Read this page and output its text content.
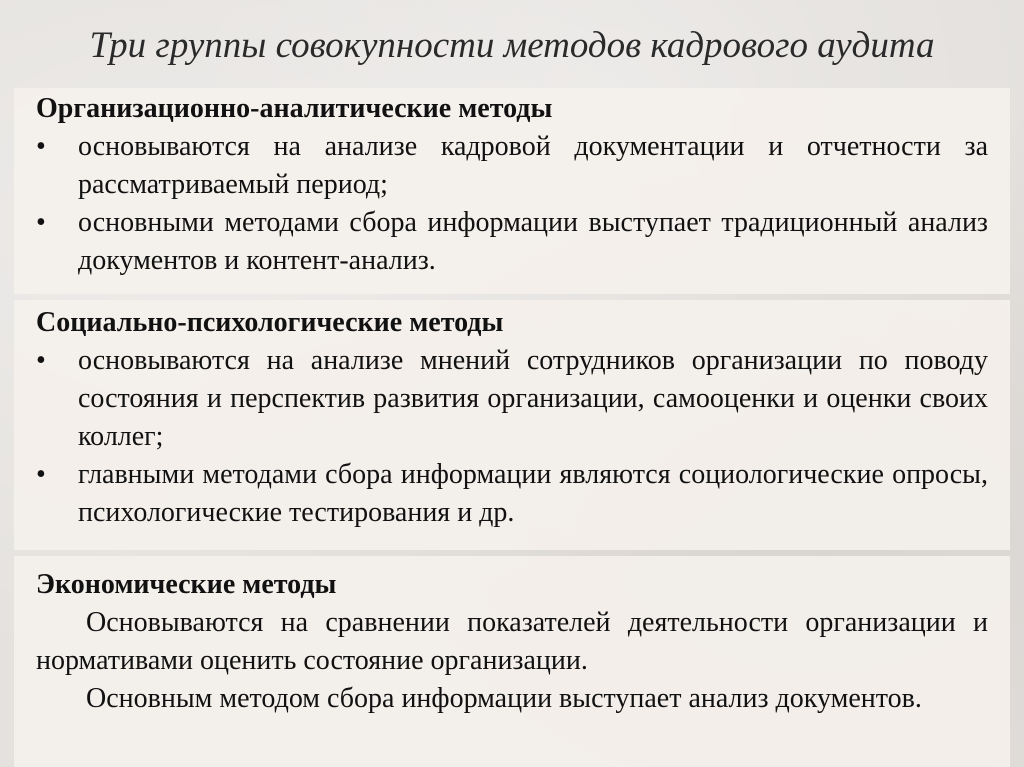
Три группы совокупности методов кадрового аудита
Организационно-аналитические методы
• основываются на анализе кадровой документации и отчетности за рассматриваемый период;
• основными методами сбора информации выступает традиционный анализ документов и контент-анализ.
Социально-психологические методы
• основываются на анализе мнений сотрудников организации по поводу состояния и перспектив развития организации, самооценки и оценки своих коллег;
• главными методами сбора информации являются социологические опросы, психологические тестирования и др.
Экономические методы

Основываются на сравнении показателей деятельности организации и нормативами оценить состояние организации.

Основным методом сбора информации выступает анализ документов.
